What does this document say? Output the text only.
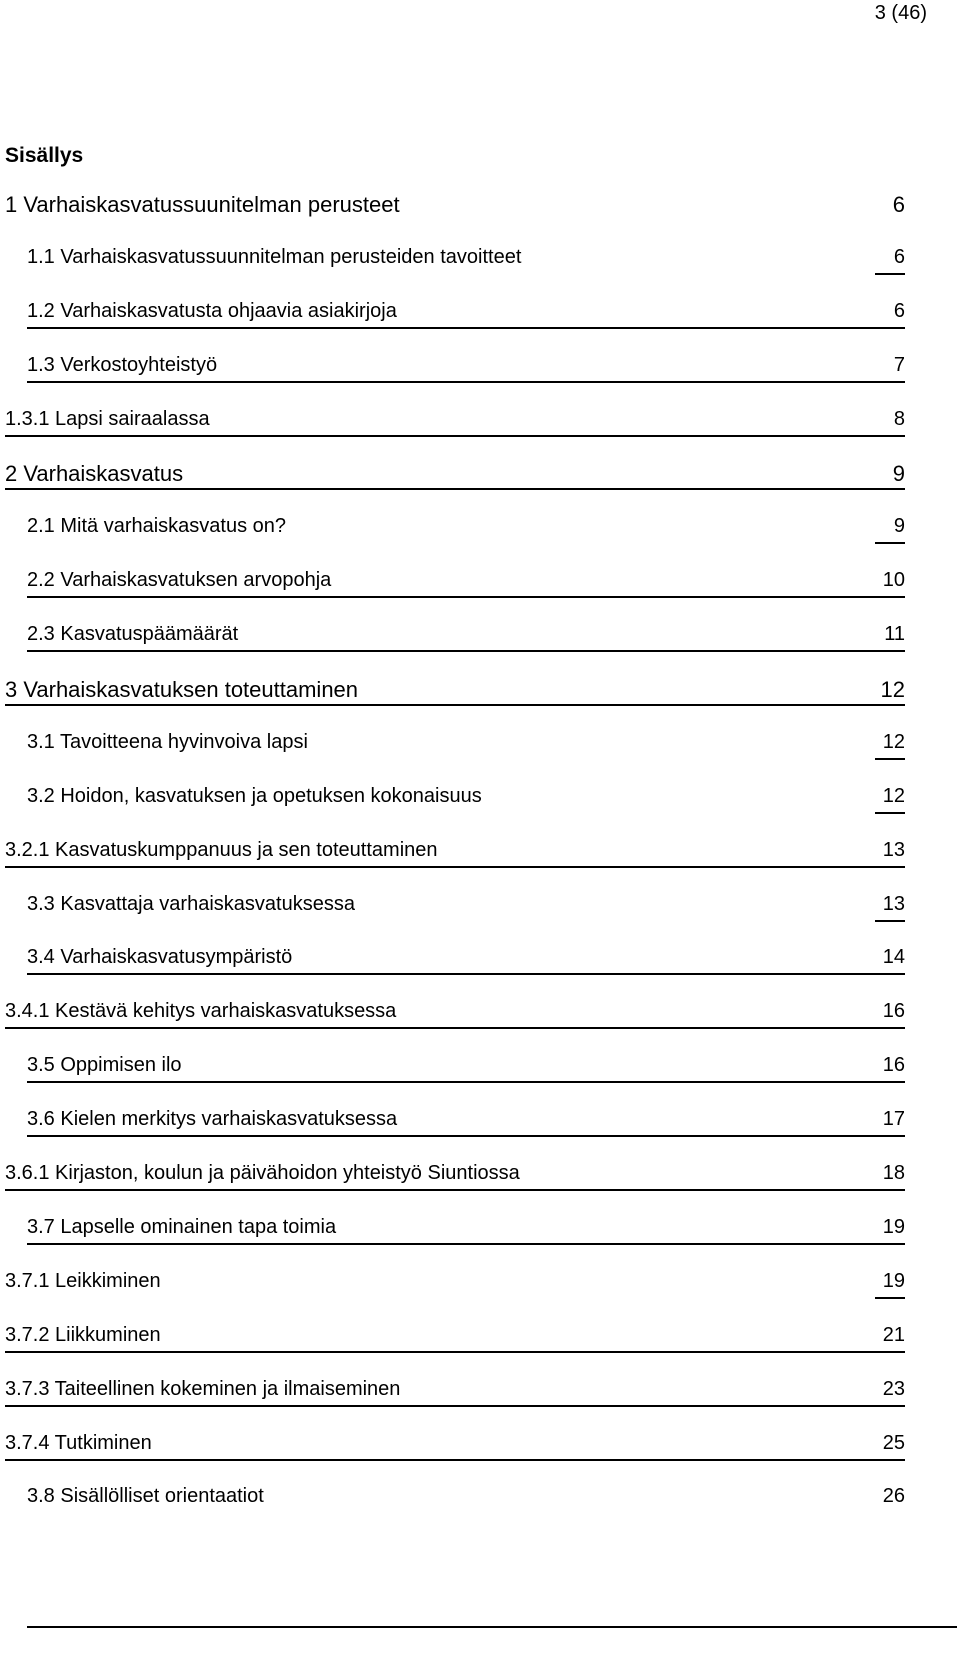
3 (46)
Sisällys
1 Varhaiskasvatussuunitelman perusteet	6
1.1 Varhaiskasvatussuunnitelman perusteiden tavoitteet	6
1.2 Varhaiskasvatusta ohjaavia asiakirjoja	6
1.3 Verkostoyhteistyö	7
1.3.1 Lapsi sairaalassa	8
2 Varhaiskasvatus	9
2.1 Mitä varhaiskasvatus on?	9
2.2 Varhaiskasvatuksen arvopohja	10
2.3 Kasvatuspäämäärät	11
3 Varhaiskasvatuksen toteuttaminen	12
3.1 Tavoitteena hyvinvoiva lapsi	12
3.2 Hoidon, kasvatuksen ja opetuksen kokonaisuus	12
3.2.1 Kasvatuskumppanuus ja sen toteuttaminen	13
3.3 Kasvattaja varhaiskasvatuksessa	13
3.4 Varhaiskasvatusympäristö	14
3.4.1 Kestävä kehitys varhaiskasvatuksessa	16
3.5 Oppimisen ilo	16
3.6 Kielen merkitys varhaiskasvatuksessa	17
3.6.1 Kirjaston, koulun ja päivähoidon yhteistyö Siuntiossa	18
3.7 Lapselle ominainen tapa toimia	19
3.7.1 Leikkiminen	19
3.7.2 Liikkuminen	21
3.7.3 Taiteellinen kokeminen ja ilmaiseminen	23
3.7.4 Tutkiminen	25
3.8 Sisällölliset orientaatiot	26
